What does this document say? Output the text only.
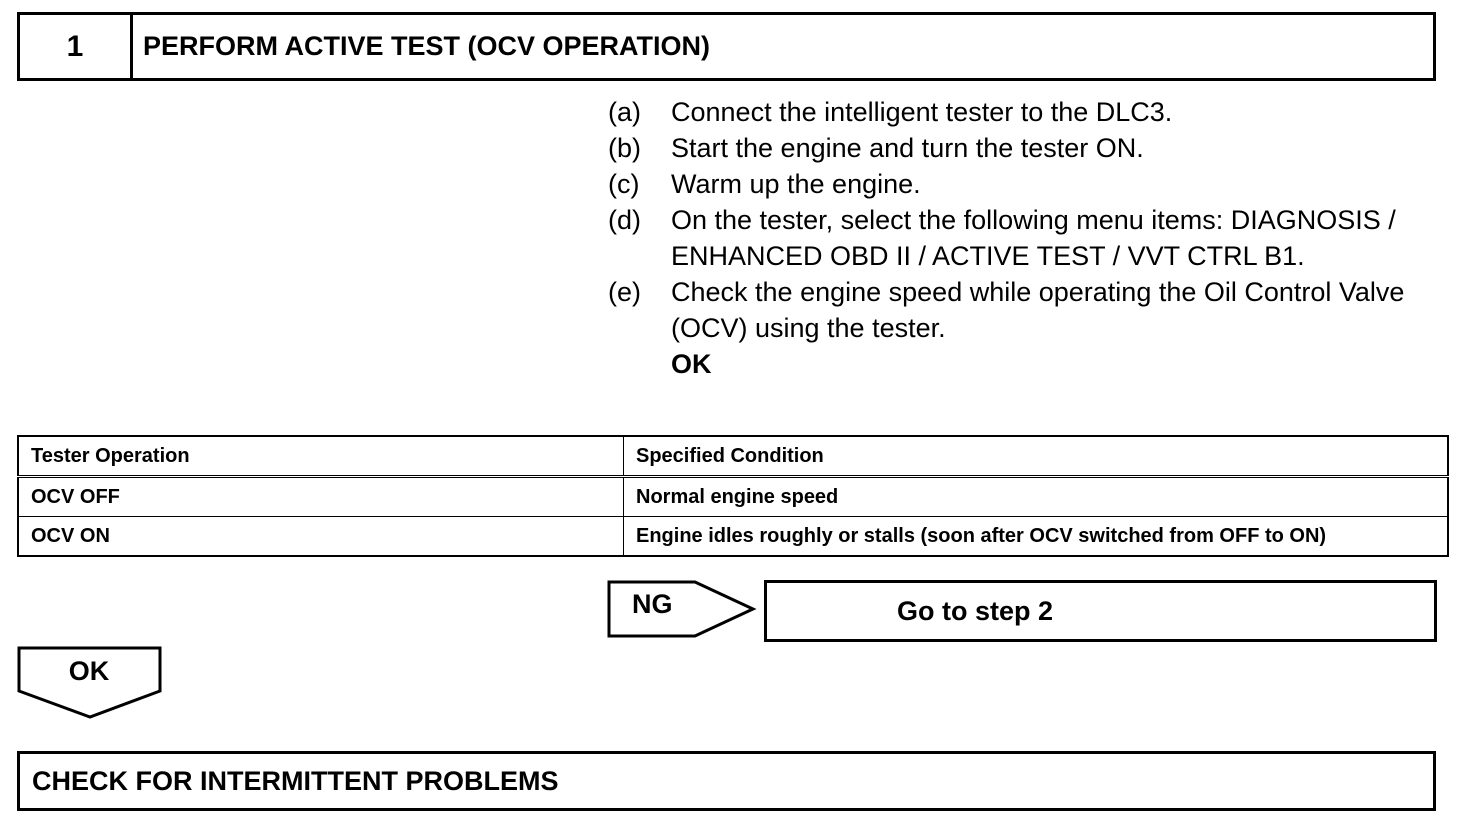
1	PERFORM ACTIVE TEST (OCV OPERATION)
(a)	Connect the intelligent tester to the DLC3.
(b)	Start the engine and turn the tester ON.
(c)	Warm up the engine.
(d)	On the tester, select the following menu items: DIAGNOSIS / ENHANCED OBD II / ACTIVE TEST / VVT CTRL B1.
(e)	Check the engine speed while operating the Oil Control Valve (OCV) using the tester.
OK
Tester Operation	Specified Condition
OCV OFF	Normal engine speed
OCV ON	Engine idles roughly or stalls (soon after OCV switched from OFF to ON)
NG	Go to step 2
OK
CHECK FOR INTERMITTENT PROBLEMS
